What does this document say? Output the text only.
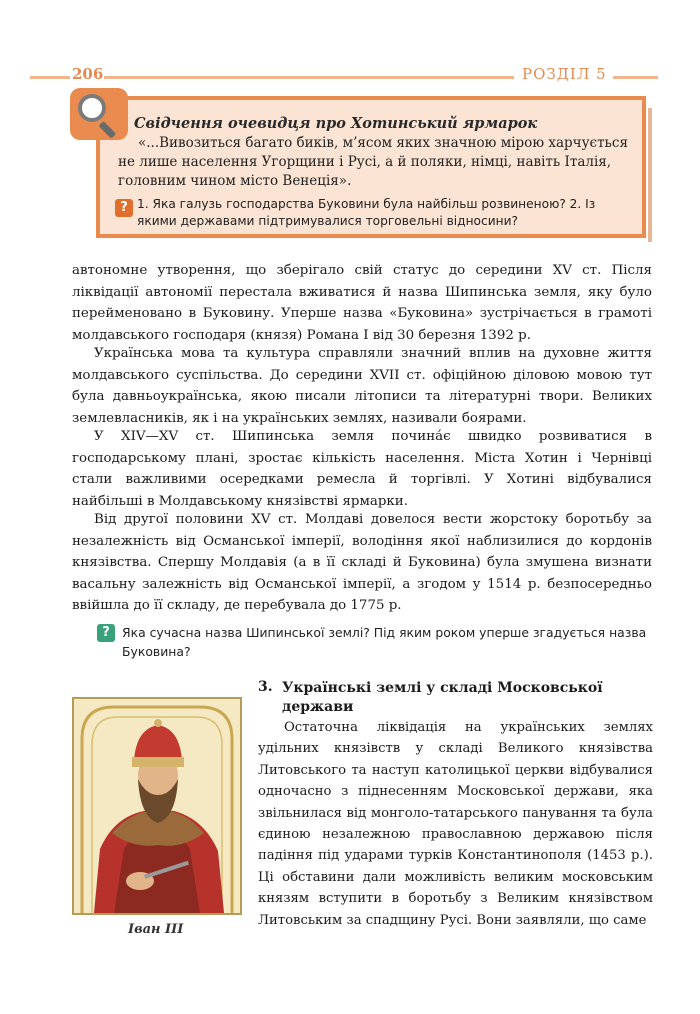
206	РОЗДІЛ 5
Свідчення очевидця про Хотинський ярмарок
«...Вивозиться багато биків, м’ясом яких значною мірою харчується не лише населення Угорщини і Русі, а й поляки, німці, навіть Італія, головним чином місто Венеція».
? 1. Яка галузь господарства Буковини була найбільш розвиненою? 2. Із якими державами підтримувалися торговельні відносини?
автономне утворення, що зберігало свій статус до середини XV ст. Після ліквідації автономії перестала вживатися й назва Шипинська земля, яку було перейменовано в Буковину. Уперше назва «Буковина» зустрічається в грамоті молдавського господаря (князя) Романа I від 30 березня 1392 р.
Українська мова та культура справляли значний вплив на духовне життя молдавського суспільства. До середини XVII ст. офіційною діловою мовою тут була давньоукраїнська, якою писали літописи та літературні твори. Великих землевласників, як і на українських землях, називали боярами.
У XIV—XV ст. Шипинська земля почина́є швидко розвиватися в господарському плані, зростає кількість населення. Міста Хотин і Чернівці стали важливими осередками ремесла й торгівлі. У Хотині відбувалися найбільші в Молдавському князівстві ярмарки.
Від другої половини XV ст. Молдаві довелося вести жорстоку боротьбу за незалежність від Османської імперії, володіння якої наблизилися до кордонів князівства. Спершу Молдавія (а в її складі й Буковина) була змушена визнати васальну залежність від Османської імперії, а згодом у 1514 р. безпосередньо ввійшла до її складу, де перебувала до 1775 р.
? Яка сучасна назва Шипинської землі? Під яким роком уперше згадується назва Буковина?
Іван III
3. Українські землі у складі Московської держави
Остаточна ліквідація на українських землях удільних князівств у складі Великого князівства Литовського та наступ католицької церкви відбувалися одночасно з піднесенням Московської держави, яка звільнилася від монголо-татарського панування та була єдиною незалежною православною державою після падіння під ударами турків Константинополя (1453 р.). Ці обставини дали можливість великим московським князям вступити в боротьбу з Великим князівством Литовським за спадщину Русі. Вони заявляли, що саме
